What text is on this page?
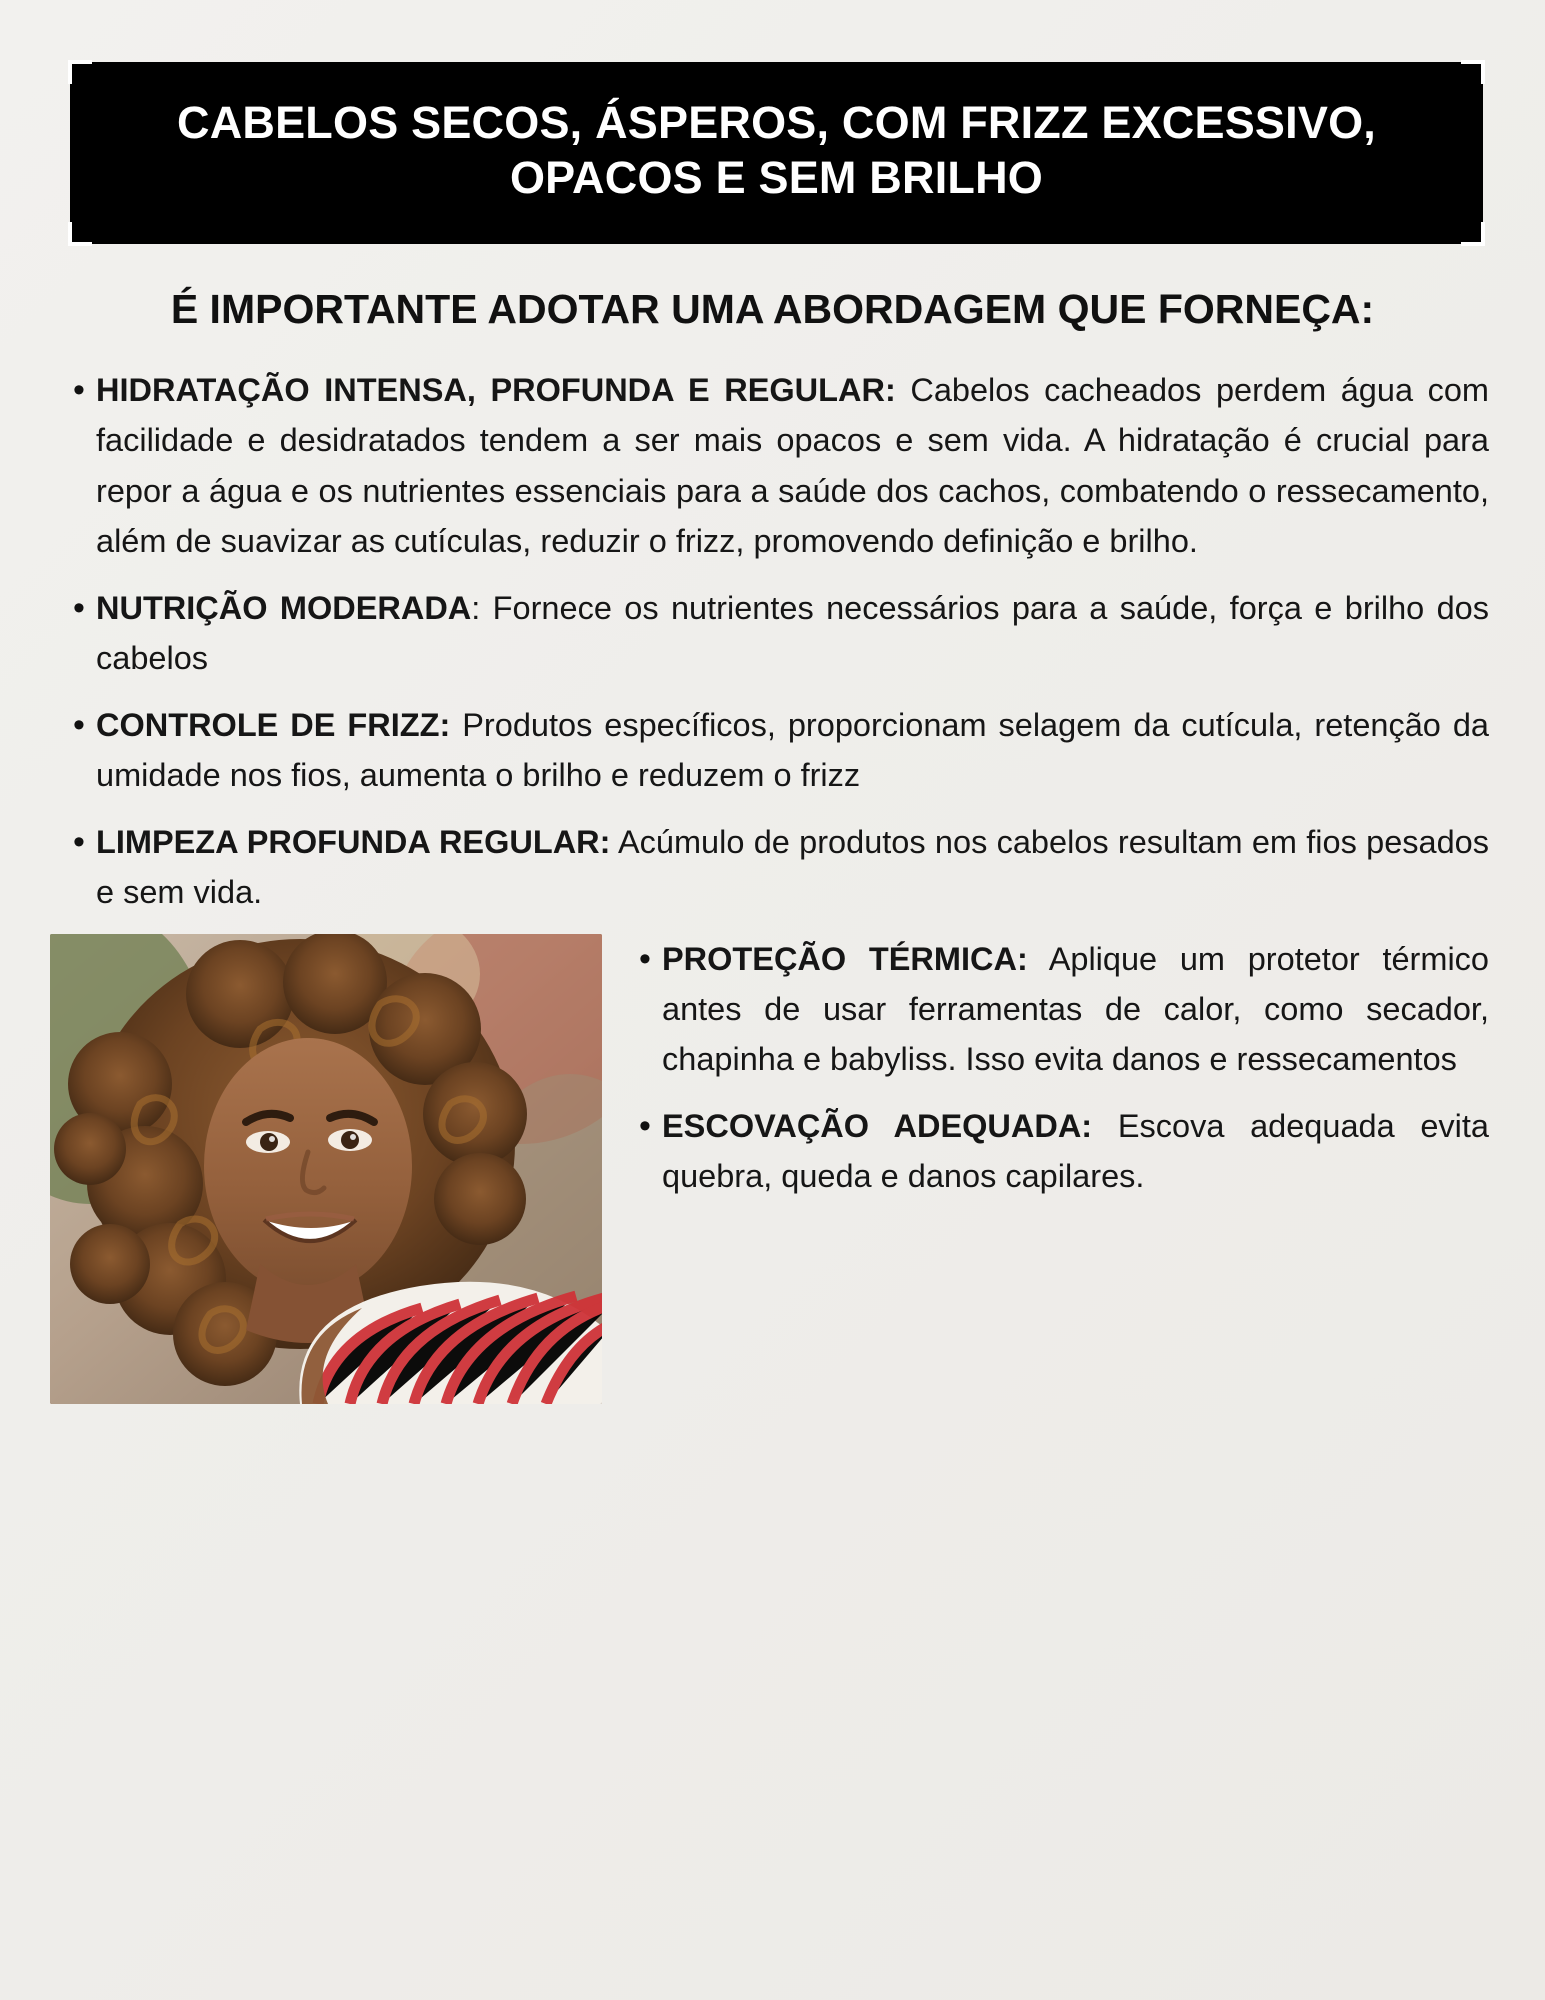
CABELOS SECOS, ÁSPEROS, COM FRIZZ EXCESSIVO, OPACOS E SEM BRILHO
É IMPORTANTE ADOTAR UMA ABORDAGEM QUE FORNEÇA:
• HIDRATAÇÃO INTENSA, PROFUNDA E REGULAR: Cabelos cacheados perdem água com facilidade e desidratados tendem a ser mais opacos e sem vida. A hidratação é crucial para repor a água e os nutrientes essenciais para a saúde dos cachos, combatendo o ressecamento, além de suavizar as cutículas, reduzir o frizz, promovendo definição e brilho.
• NUTRIÇÃO MODERADA: Fornece os nutrientes necessários para a saúde, força e brilho dos cabelos
• CONTROLE DE FRIZZ: Produtos específicos, proporcionam selagem da cutícula, retenção da umidade nos fios, aumenta o brilho e reduzem o frizz
• LIMPEZA PROFUNDA REGULAR: Acúmulo de produtos nos cabelos resultam em fios pesados e sem vida.
• PROTEÇÃO TÉRMICA: Aplique um protetor térmico antes de usar ferramentas de calor, como secador, chapinha e babyliss. Isso evita danos e ressecamentos
• ESCOVAÇÃO ADEQUADA: Escova adequada evita quebra, queda e danos capilares.
